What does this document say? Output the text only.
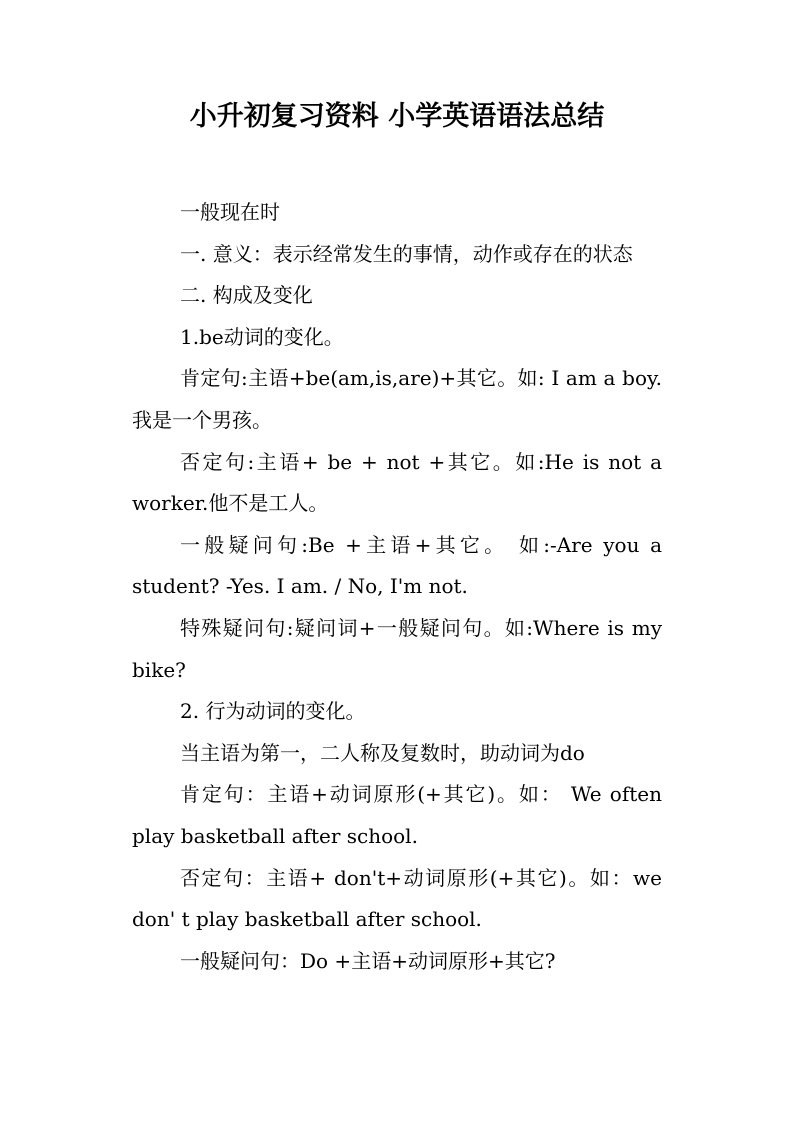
小升初复习资料 小学英语语法总结

一般现在时

一. 意义：表示经常发生的事情，动作或存在的状态

二. 构成及变化

1.be动词的变化。

肯定句:主语+be(am,is,are)+其它。如: I am a boy.我是一个男孩。

否定句:主语+ be + not +其它。如:He is not a worker.他不是工人。

一般疑问句:Be +主语+其它。 如:-Are you a student? -Yes. I am. / No, I'm not.

特殊疑问句:疑问词+一般疑问句。如:Where is my bike?

2. 行为动词的变化。

当主语为第一，二人称及复数时，助动词为do

肯定句：主语+动词原形(+其它)。如： We often play basketball after school.

否定句：主语+ don't+动词原形(+其它)。如：we don' t play basketball after school.

一般疑问句：Do +主语+动词原形+其它?
